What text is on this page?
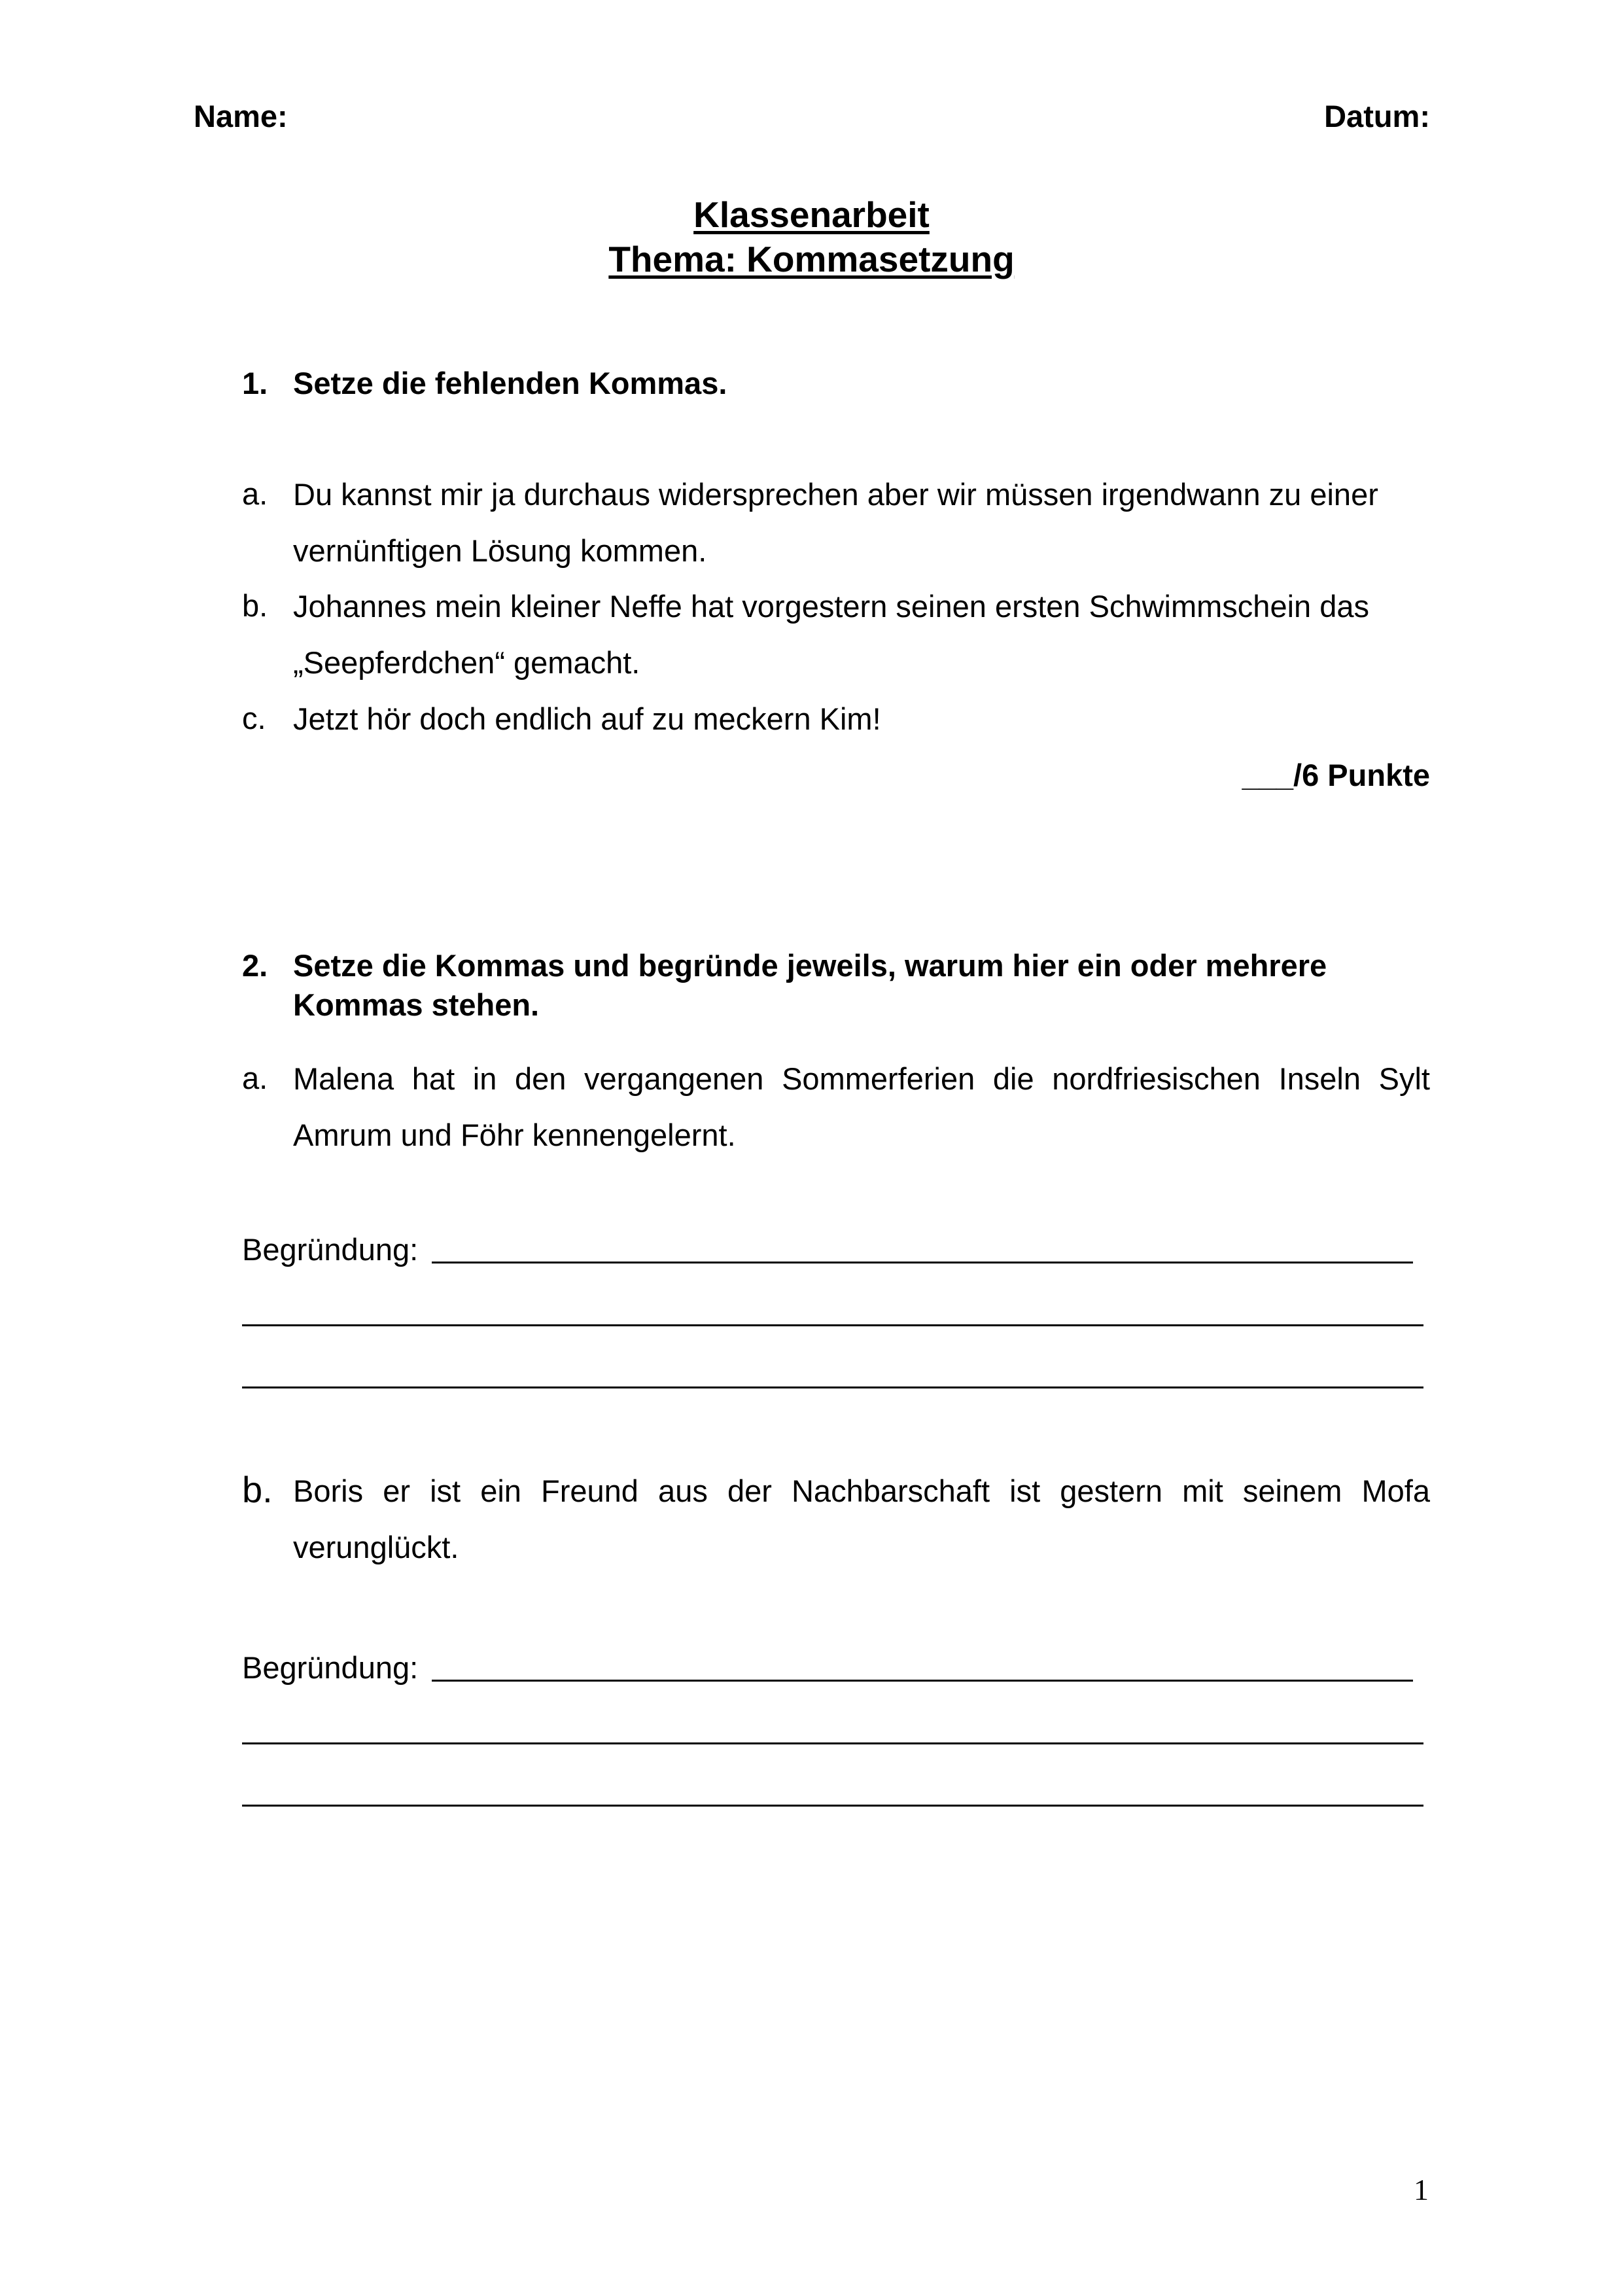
Name:	Datum:
Klassenarbeit
Thema: Kommasetzung
1. Setze die fehlenden Kommas.
a. Du kannst mir ja durchaus widersprechen aber wir müssen irgendwann zu einer vernünftigen Lösung kommen.
b. Johannes mein kleiner Neffe hat vorgestern seinen ersten Schwimmschein das „Seepferdchen“ gemacht.
c. Jetzt hör doch endlich auf zu meckern Kim!
___/6 Punkte
2. Setze die Kommas und begründe jeweils, warum hier ein oder mehrere
Kommas stehen.
a. Malena hat in den vergangenen Sommerferien die nordfriesischen Inseln Sylt Amrum und Föhr kennengelernt.
Begründung:
b. Boris er ist ein Freund aus der Nachbarschaft ist gestern mit seinem Mofa verunglückt.
Begründung:
1
